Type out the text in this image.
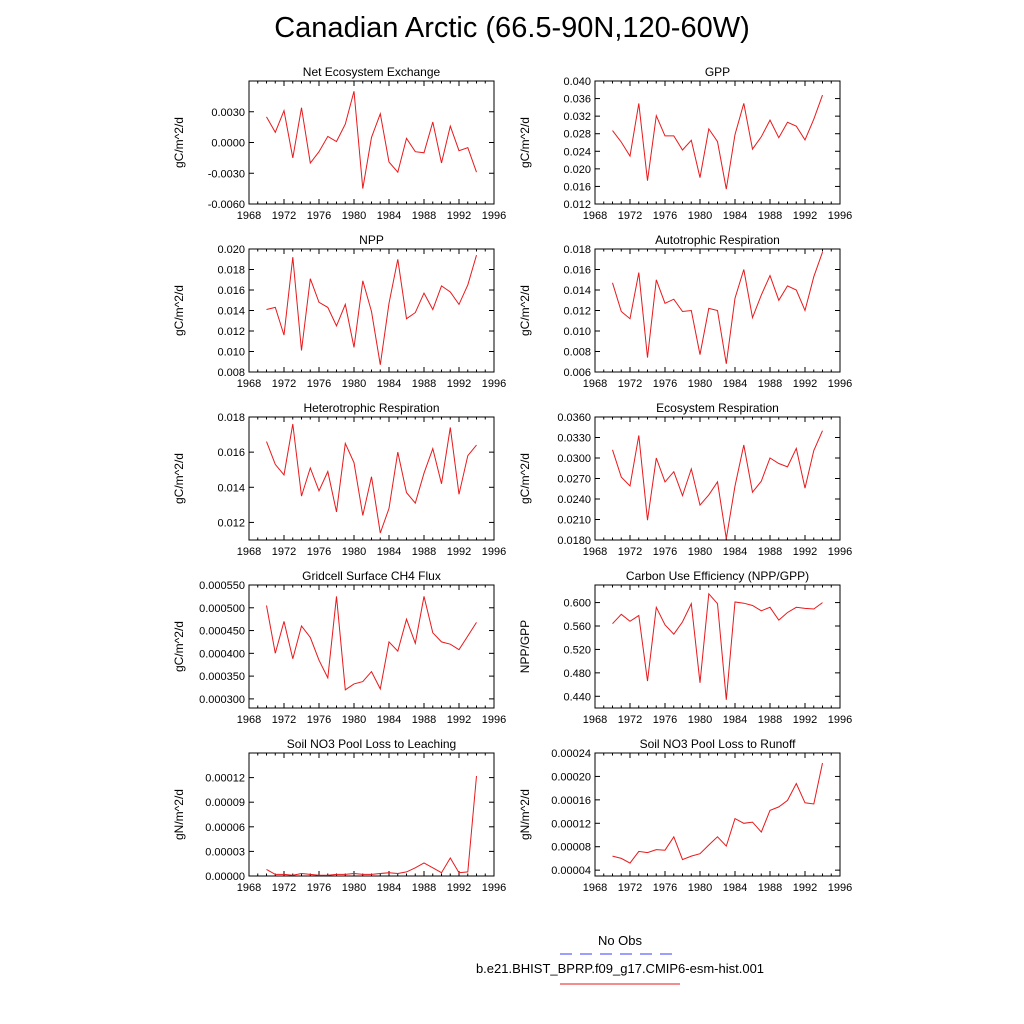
Canadian Arctic (66.5-90N,120-60W)
Net Ecosystem Exchange
gC/m^2/d
1968 1972 1976 1980 1984 1988 1992 1996
-0.0060
-0.0030
0.0000
0.0030
GPP
gC/m^2/d
1968 1972 1976 1980 1984 1988 1992 1996
0.012
0.016
0.020
0.024
0.028
0.032
0.036
0.040
NPP
gC/m^2/d
1968 1972 1976 1980 1984 1988 1992 1996
0.008
0.010
0.012
0.014
0.016
0.018
0.020
Autotrophic Respiration
gC/m^2/d
1968 1972 1976 1980 1984 1988 1992 1996
0.006
0.008
0.010
0.012
0.014
0.016
0.018
Heterotrophic Respiration
gC/m^2/d
1968 1972 1976 1980 1984 1988 1992 1996
0.012
0.014
0.016
0.018
Ecosystem Respiration
gC/m^2/d
1968 1972 1976 1980 1984 1988 1992 1996
0.0180
0.0210
0.0240
0.0270
0.0300
0.0330
0.0360
Gridcell Surface CH4 Flux
gC/m^2/d
1968 1972 1976 1980 1984 1988 1992 1996
0.000300
0.000350
0.000400
0.000450
0.000500
0.000550
Carbon Use Efficiency (NPP/GPP)
NPP/GPP
1968 1972 1976 1980 1984 1988 1992 1996
0.440
0.480
0.520
0.560
0.600
Soil NO3 Pool Loss to Leaching
gN/m^2/d
1968 1972 1976 1980 1984 1988 1992 1996
0.00000
0.00003
0.00006
0.00009
0.00012
Soil NO3 Pool Loss to Runoff
gN/m^2/d
1968 1972 1976 1980 1984 1988 1992 1996
0.00004
0.00008
0.00012
0.00016
0.00020
0.00024
No Obs
b.e21.BHIST_BPRP.f09_g17.CMIP6-esm-hist.001
